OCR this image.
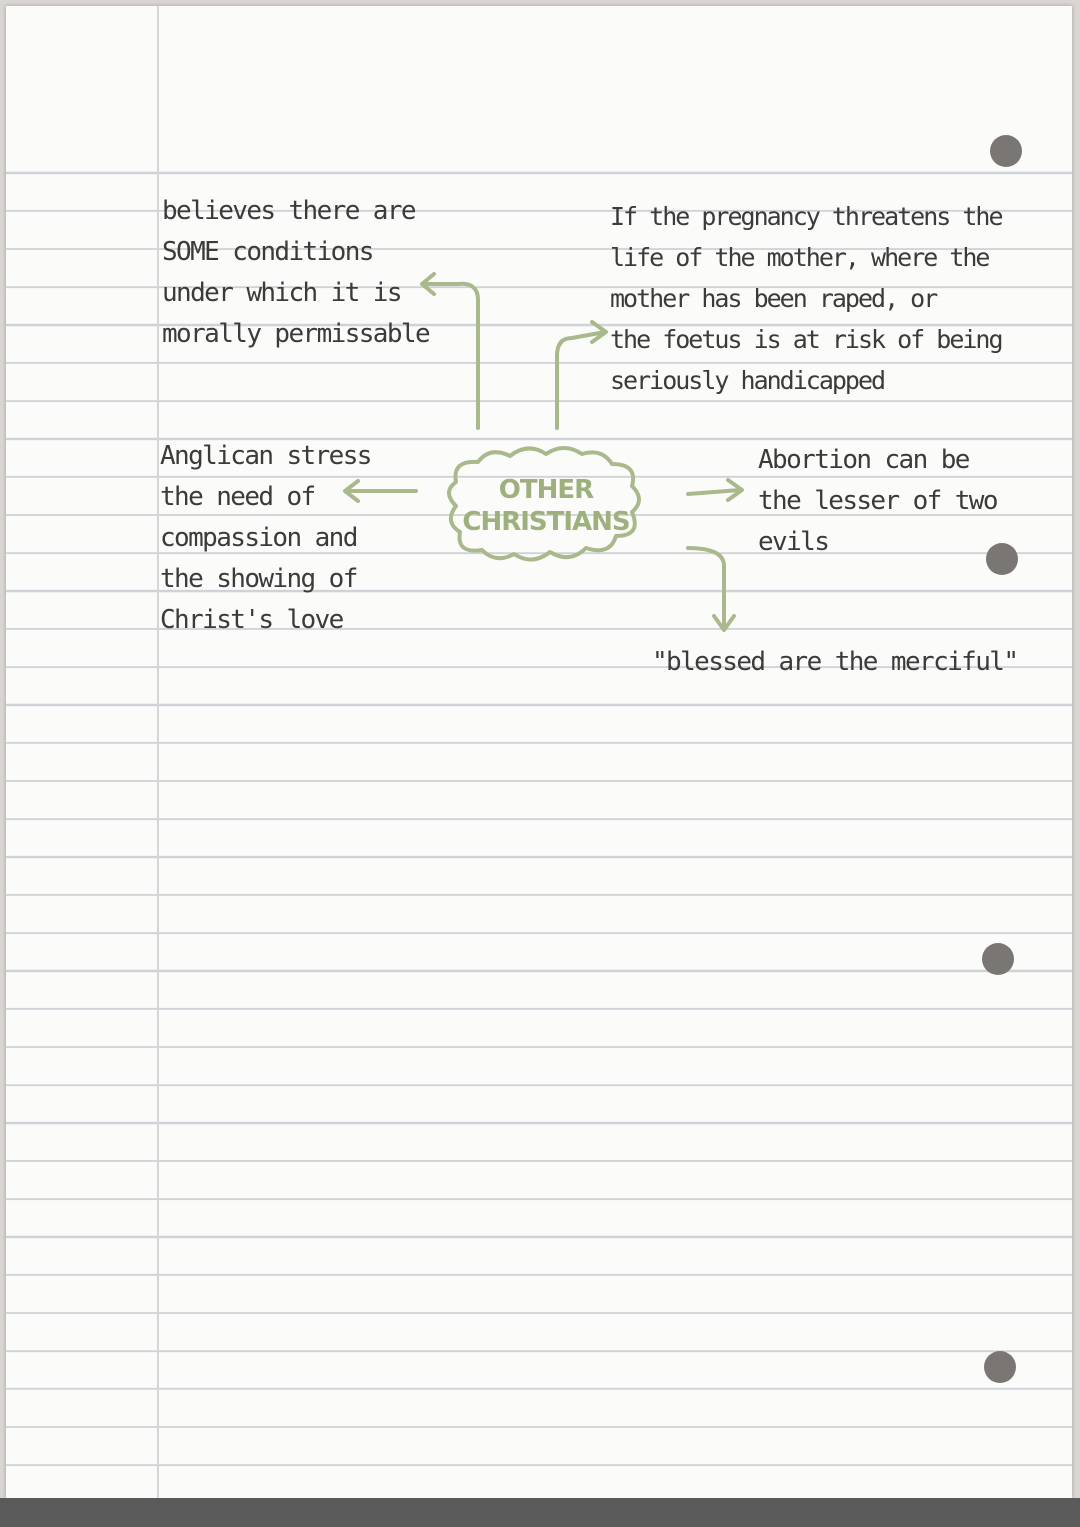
OTHER
CHRISTIANS
believes there are
SOME conditions
under which it is
morally permissable
If the pregnancy threatens the
life of the mother, where the
mother has been raped, or
the foetus is at risk of being
seriously handicapped
Anglican stress
the need of
compassion and
the showing of
Christ's love
Abortion can be
the lesser of two
evils
"blessed are the merciful"
